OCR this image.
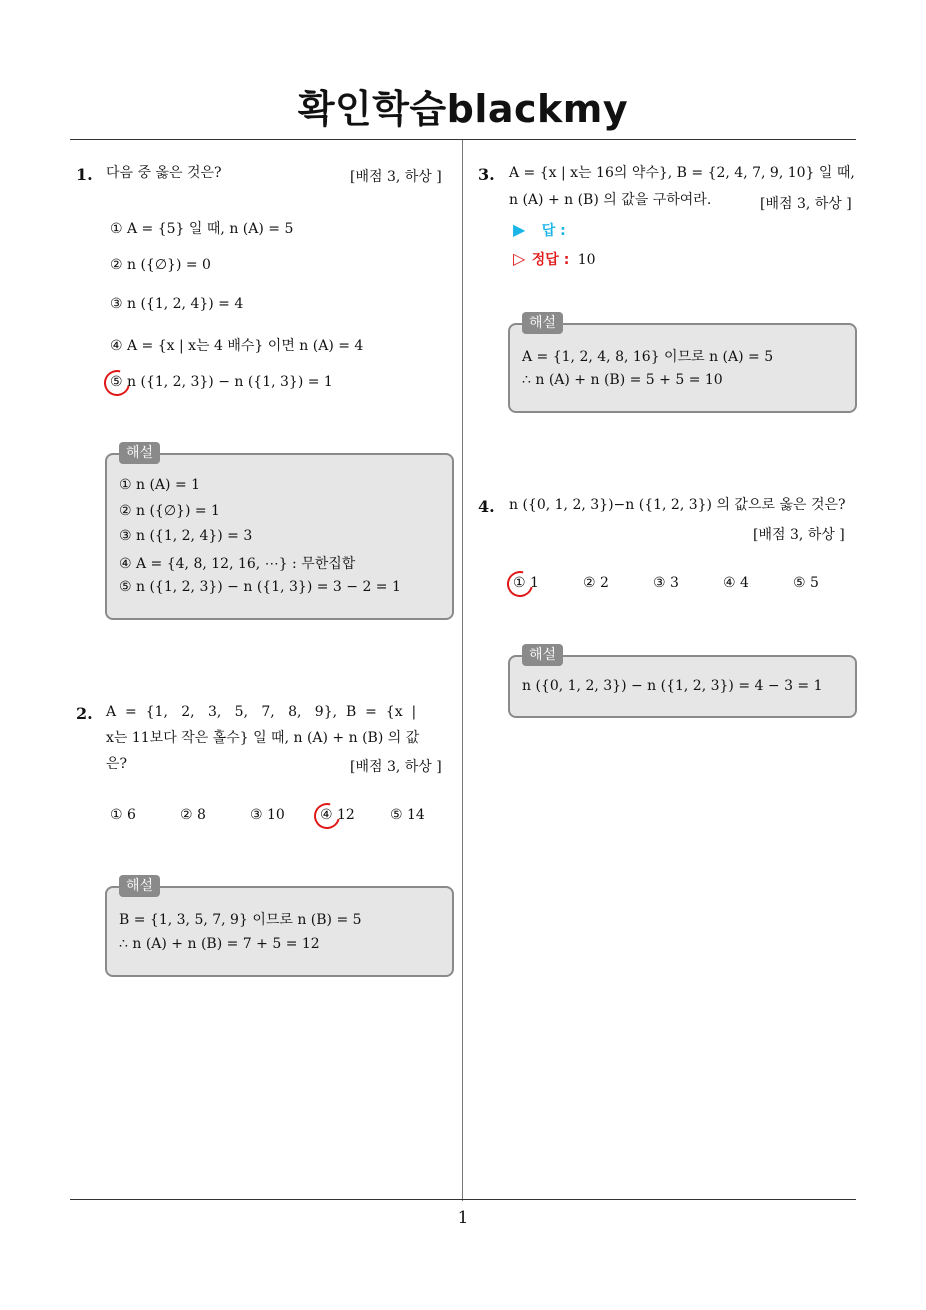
확인학습blackmy
1
1. 다음 중 옳은 것은?	[배점 3, 하상 ]
① A = {5} 일 때, n (A) = 5
② n ({∅}) = 0
③ n ({1, 2, 4}) = 4
④ A = {x | x는 4 배수} 이면 n (A) = 4
⑤ n ({1, 2, 3}) − n ({1, 3}) = 1
해설
① n (A) = 1
② n ({∅}) = 1
③ n ({1, 2, 4}) = 3
④ A = {4, 8, 12, 16, ⋯} : 무한집합
⑤ n ({1, 2, 3}) − n ({1, 3}) = 3 − 2 = 1
2. A  =  {1,   2,   3,   5,   7,   8,   9},  B  =  {x  |
x는 11보다 작은 홀수} 일 때, n (A) + n (B) 의 값
은?	[배점 3, 하상 ]
① 6	② 8	③ 10	④ 12	⑤ 14
해설
B = {1, 3, 5, 7, 9} 이므로 n (B) = 5
∴ n (A) + n (B) = 7 + 5 = 12
3. A = {x | x는 16의 약수}, B = {2, 4, 7, 9, 10} 일 때,
n (A) + n (B) 의 값을 구하여라.	[배점 3, 하상 ]
▶ 답 :
▷ 정답 : 10
해설
A = {1, 2, 4, 8, 16} 이므로 n (A) = 5
∴ n (A) + n (B) = 5 + 5 = 10
4. n ({0, 1, 2, 3})−n ({1, 2, 3}) 의 값으로 옳은 것은?
[배점 3, 하상 ]
① 1	② 2	③ 3	④ 4	⑤ 5
해설
n ({0, 1, 2, 3}) − n ({1, 2, 3}) = 4 − 3 = 1
